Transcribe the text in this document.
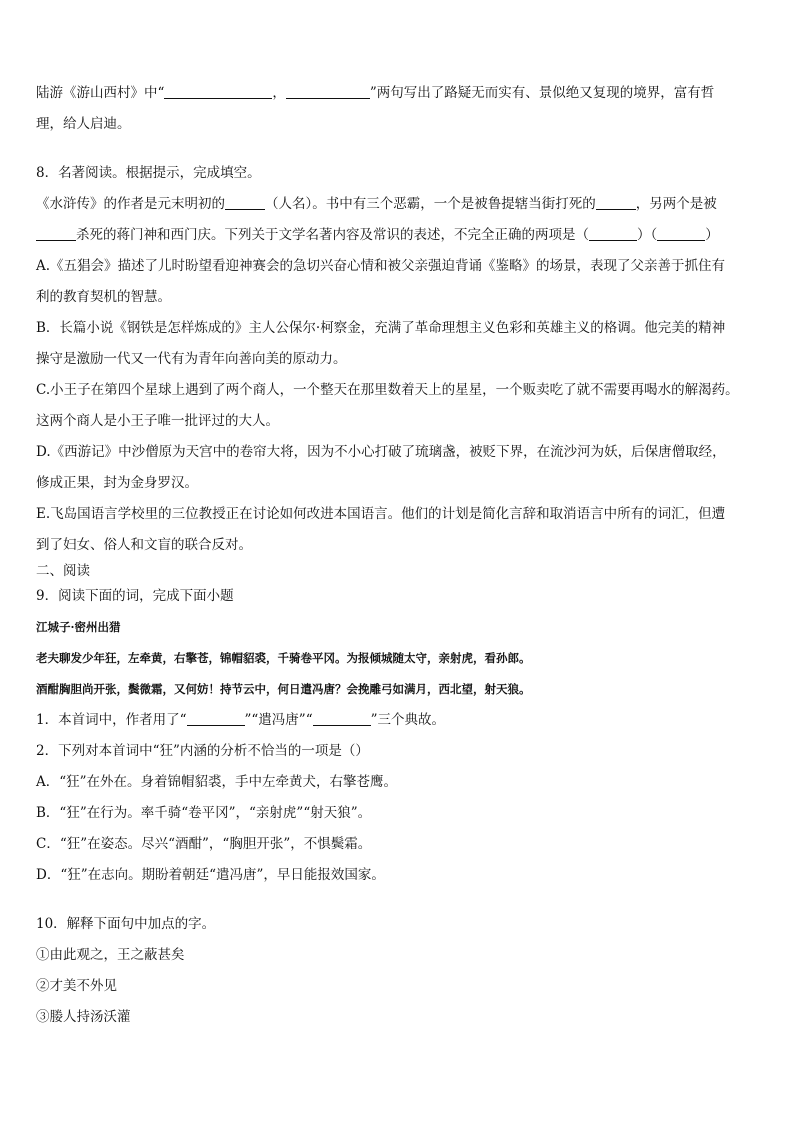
陆游《游山西村》中“	，	”两句写出了路疑无而实有、景似绝又复现的境界，富有哲
理，给人启迪。
8．名著阅读。根据提示，完成填空。
《水浒传》的作者是元末明初的	（人名）。书中有三个恶霸，一个是被鲁提辖当街打死的	，另两个是被
杀死的蒋门神和西门庆。下列关于文学名著内容及常识的表述，不完全正确的两项是（	）（	）
A.《五猖会》描述了儿时盼望看迎神赛会的急切兴奋心情和被父亲强迫背诵《鉴略》的场景，表现了父亲善于抓住有
利的教育契机的智慧。
B．长篇小说《钢铁是怎样炼成的》主人公保尔·柯察金，充满了革命理想主义色彩和英雄主义的格调。他完美的精神
操守是激励一代又一代有为青年向善向美的原动力。
C.小王子在第四个星球上遇到了两个商人，一个整天在那里数着天上的星星，一个贩卖吃了就不需要再喝水的解渴药。
这两个商人是小王子唯一批评过的大人。
D.《西游记》中沙僧原为天宫中的卷帘大将，因为不小心打破了琉璃盏，被贬下界，在流沙河为妖，后保唐僧取经，
修成正果，封为金身罗汉。
E.飞岛国语言学校里的三位教授正在讨论如何改进本国语言。他们的计划是简化言辞和取消语言中所有的词汇，但遭
到了妇女、俗人和文盲的联合反对。
二、阅读
9．阅读下面的词，完成下面小题
江城子·密州出猎
老夫聊发少年狂，左牵黄，右擎苍，锦帽貂裘，千骑卷平冈。为报倾城随太守，亲射虎，看孙郎。
酒酣胸胆尚开张，鬓微霜，又何妨！持节云中，何日遣冯唐？会挽雕弓如满月，西北望，射天狼。
1．本首词中，作者用了“	”“遣冯唐”“	”三个典故。
2．下列对本首词中“狂”内涵的分析不恰当的一项是（）
A．“狂”在外在。身着锦帽貂裘，手中左牵黄犬，右擎苍鹰。
B．“狂”在行为。率千骑“卷平冈”，“亲射虎”“射天狼”。
C．“狂”在姿态。尽兴“酒酣”，“胸胆开张”，不惧鬓霜。
D．“狂”在志向。期盼着朝廷“遣冯唐”，早日能报效国家。
10．解释下面句中加点的字。
①由此观之，王之蔽甚矣
②才美不外见
③媵人持汤沃灌
